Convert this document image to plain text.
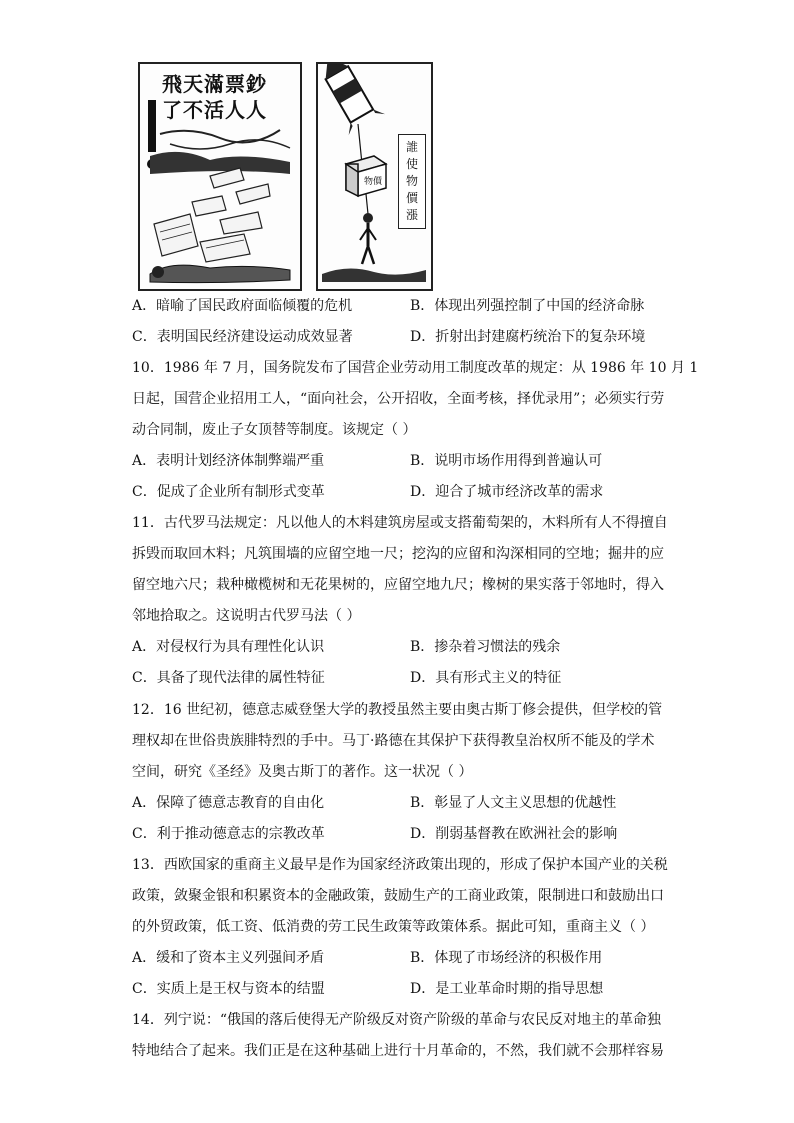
飛天滿票鈔
了不活人人
物價
誰
使
物
價
漲
A．暗喻了国民政府面临倾覆的危机	B．体现出列强控制了中国的经济命脉
C．表明国民经济建设运动成效显著	D．折射出封建腐朽统治下的复杂环境
10．1986 年 7 月，国务院发布了国营企业劳动用工制度改革的规定：从 1986 年 10 月 1
日起，国营企业招用工人，“面向社会，公开招收，全面考核，择优录用”；必须实行劳
动合同制，废止子女顶替等制度。该规定（ ）
A．表明计划经济体制弊端严重	B．说明市场作用得到普遍认可
C．促成了企业所有制形式变革	D．迎合了城市经济改革的需求
11．古代罗马法规定：凡以他人的木料建筑房屋或支搭葡萄架的，木料所有人不得擅自
拆毁而取回木料；凡筑围墙的应留空地一尺；挖沟的应留和沟深相同的空地；掘井的应
留空地六尺；栽种橄榄树和无花果树的，应留空地九尺；橡树的果实落于邻地时，得入
邻地拾取之。这说明古代罗马法（ ）
A．对侵权行为具有理性化认识	B．掺杂着习惯法的残余
C．具备了现代法律的属性特征	D．具有形式主义的特征
12．16 世纪初，德意志威登堡大学的教授虽然主要由奥古斯丁修会提供，但学校的管
理权却在世俗贵族腓特烈的手中。马丁·路德在其保护下获得教皇治权所不能及的学术
空间，研究《圣经》及奥古斯丁的著作。这一状况（ ）
A．保障了德意志教育的自由化	B．彰显了人文主义思想的优越性
C．利于推动德意志的宗教改革	D．削弱基督教在欧洲社会的影响
13．西欧国家的重商主义最早是作为国家经济政策出现的，形成了保护本国产业的关税
政策，敛聚金银和积累资本的金融政策，鼓励生产的工商业政策，限制进口和鼓励出口
的外贸政策，低工资、低消费的劳工民生政策等政策体系。据此可知，重商主义（ ）
A．缓和了资本主义列强间矛盾	B．体现了市场经济的积极作用
C．实质上是王权与资本的结盟	D．是工业革命时期的指导思想
14．列宁说：“俄国的落后使得无产阶级反对资产阶级的革命与农民反对地主的革命独
特地结合了起来。我们正是在这种基础上进行十月革命的，不然，我们就不会那样容易
